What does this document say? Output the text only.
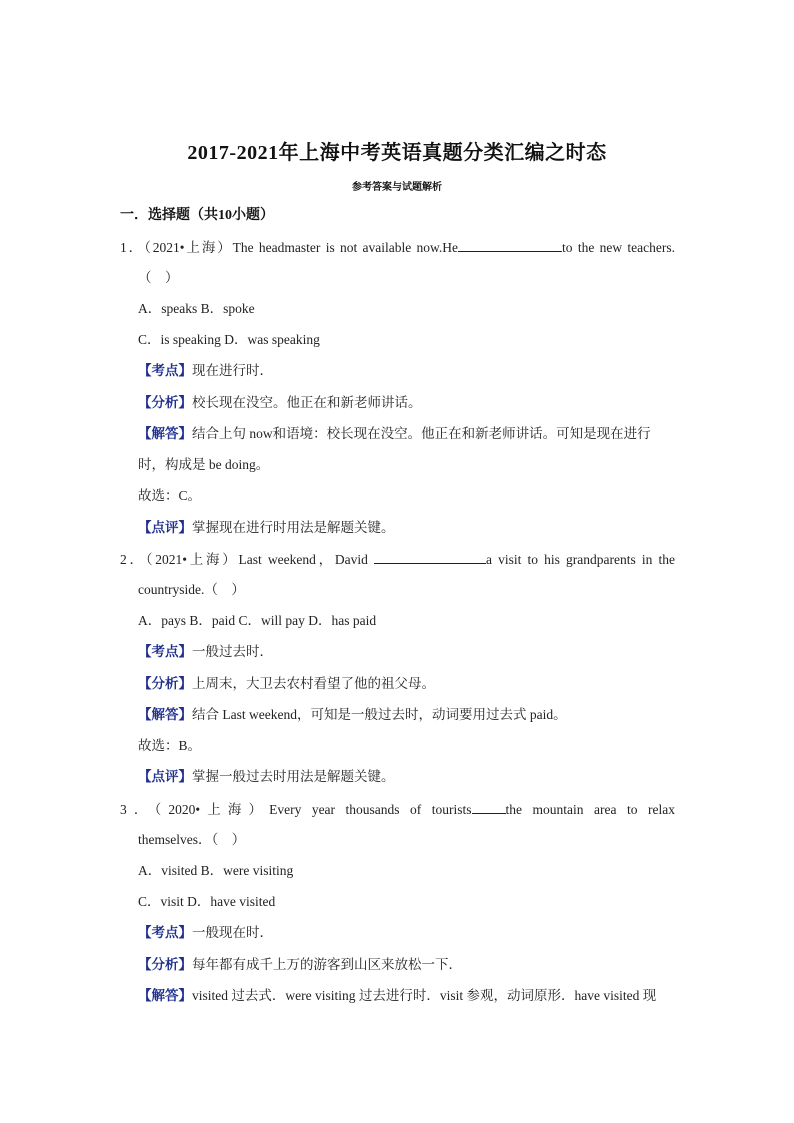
2017-2021年上海中考英语真题分类汇编之时态
参考答案与试题解析
一．选择题（共10小题）
1．（2021•上海）The headmaster is not available now.He	to the new teachers.
（　）
A．speaks B．spoke
C．is speaking D．was speaking
【考点】现在进行时．
【分析】校长现在没空。他正在和新老师讲话。
【解答】结合上句 now和语境：校长现在没空。他正在和新老师讲话。可知是现在进行
时，构成是 be doing。
故选：C。
【点评】掌握现在进行时用法是解题关键。
2．（2021•上海）Last weekend，David	a visit to his grandparents in the
countryside.（　）
A．pays B．paid C．will pay D．has paid
【考点】一般过去时．
【分析】上周末，大卫去农村看望了他的祖父母。
【解答】结合 Last weekend，可知是一般过去时，动词要用过去式 paid。
故选：B。
【点评】掌握一般过去时用法是解题关键。
3．（2020•上海）Every year thousands of tourists	the mountain area to relax
themselves．（　）
A．visited B．were visiting
C．visit D．have visited
【考点】一般现在时．
【分析】每年都有成千上万的游客到山区来放松一下．
【解答】visited 过去式．were visiting 过去进行时．visit 参观，动词原形．have visited 现
